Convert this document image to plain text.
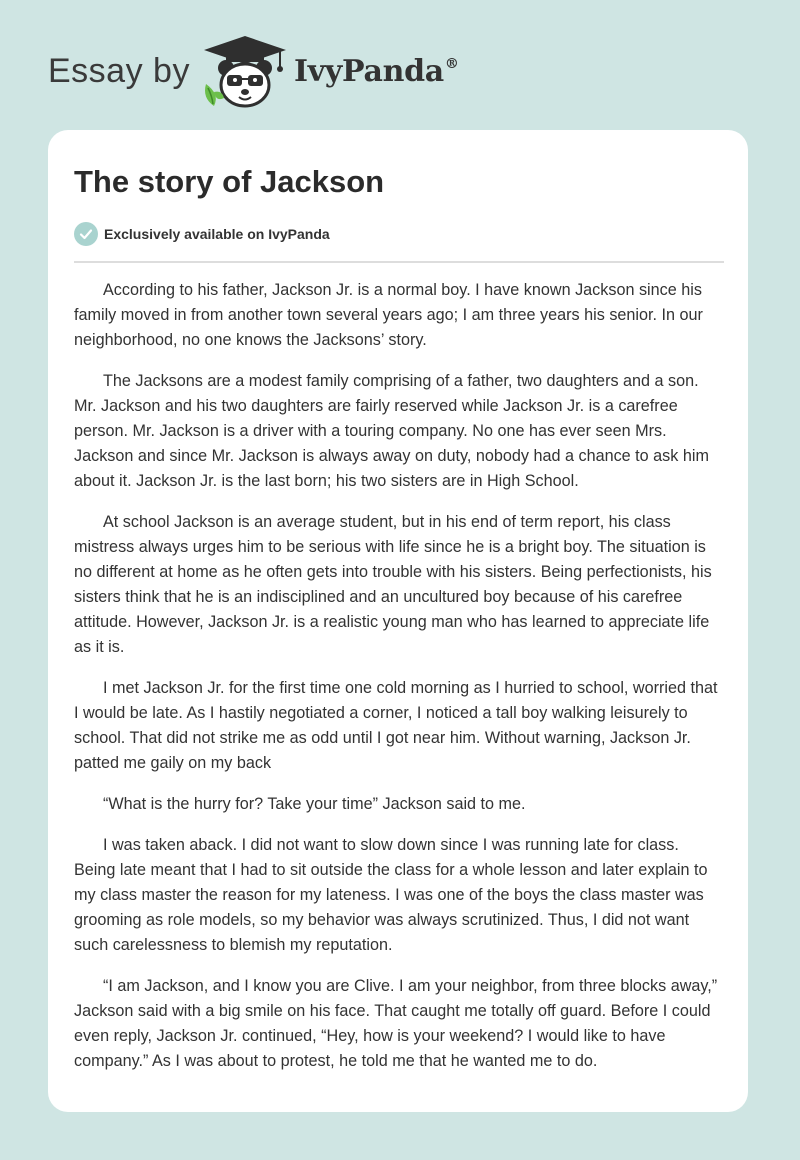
Essay by	IvyPanda®
The story of Jackson
Exclusively available on IvyPanda

According to his father, Jackson Jr. is a normal boy. I have known Jackson since his family moved in from another town several years ago; I am three years his senior. In our neighborhood, no one knows the Jacksons’ story.

The Jacksons are a modest family comprising of a father, two daughters and a son. Mr. Jackson and his two daughters are fairly reserved while Jackson Jr. is a carefree person. Mr. Jackson is a driver with a touring company. No one has ever seen Mrs. Jackson and since Mr. Jackson is always away on duty, nobody had a chance to ask him about it. Jackson Jr. is the last born; his two sisters are in High School.

At school Jackson is an average student, but in his end of term report, his class mistress always urges him to be serious with life since he is a bright boy. The situation is no different at home as he often gets into trouble with his sisters. Being perfectionists, his sisters think that he is an indisciplined and an uncultured boy because of his carefree attitude. However, Jackson Jr. is a realistic young man who has learned to appreciate life as it is.

I met Jackson Jr. for the first time one cold morning as I hurried to school, worried that I would be late. As I hastily negotiated a corner, I noticed a tall boy walking leisurely to school. That did not strike me as odd until I got near him. Without warning, Jackson Jr. patted me gaily on my back

“What is the hurry for? Take your time” Jackson said to me.

I was taken aback. I did not want to slow down since I was running late for class. Being late meant that I had to sit outside the class for a whole lesson and later explain to my class master the reason for my lateness. I was one of the boys the class master was grooming as role models, so my behavior was always scrutinized. Thus, I did not want such carelessness to blemish my reputation.

“I am Jackson, and I know you are Clive. I am your neighbor, from three blocks away,” Jackson said with a big smile on his face. That caught me totally off guard. Before I could even reply, Jackson Jr. continued, “Hey, how is your weekend? I would like to have company.” As I was about to protest, he told me that he wanted me to do.
